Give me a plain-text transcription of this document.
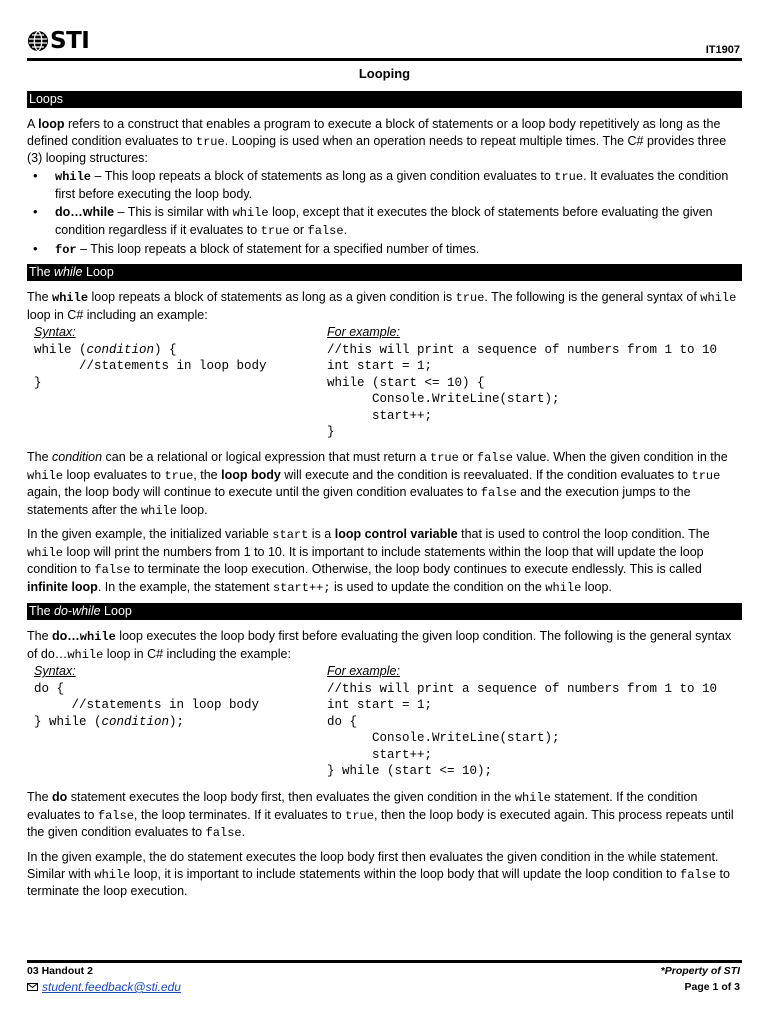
STI	IT1907
Looping
Loops
A loop refers to a construct that enables a program to execute a block of statements or a loop body repetitively as long as the defined condition evaluates to true. Looping is used when an operation needs to repeat multiple times. The C# provides three (3) looping structures:
• while – This loop repeats a block of statements as long as a given condition evaluates to true. It evaluates the condition first before executing the loop body.
• do…while – This is similar with while loop, except that it executes the block of statements before evaluating the given condition regardless if it evaluates to true or false.
• for – This loop repeats a block of statement for a specified number of times.
The while Loop
The while loop repeats a block of statements as long as a given condition is true. The following is the general syntax of while loop in C# including an example:
Syntax:
while (condition) {
//statements in loop body
}
For example:
//this will print a sequence of numbers from 1 to 10
int start = 1;
while (start <= 10) {
Console.WriteLine(start);
start++;
}
The condition can be a relational or logical expression that must return a true or false value. When the given condition in the while loop evaluates to true, the loop body will execute and the condition is reevaluated. If the condition evaluates to true again, the loop body will continue to execute until the given condition evaluates to false and the execution jumps to the statements after the while loop.
In the given example, the initialized variable start is a loop control variable that is used to control the loop condition. The while loop will print the numbers from 1 to 10. It is important to include statements within the loop that will update the loop condition to false to terminate the loop execution. Otherwise, the loop body continues to execute endlessly. This is called infinite loop. In the example, the statement start++; is used to update the condition on the while loop.
The do-while Loop
The do…while loop executes the loop body first before evaluating the given loop condition. The following is the general syntax of do…while loop in C# including the example:
Syntax:
do {
//statements in loop body
} while (condition);
For example:
//this will print a sequence of numbers from 1 to 10
int start = 1;
do {
Console.WriteLine(start);
start++;
} while (start <= 10);
The do statement executes the loop body first, then evaluates the given condition in the while statement. If the condition evaluates to false, the loop terminates. If it evaluates to true, then the loop body is executed again. This process repeats until the given condition evaluates to false.
In the given example, the do statement executes the loop body first then evaluates the given condition in the while statement. Similar with while loop, it is important to include statements within the loop body that will update the loop condition to false to terminate the loop execution.
03 Handout 2
student.feedback@sti.edu
*Property of STI
Page 1 of 3
